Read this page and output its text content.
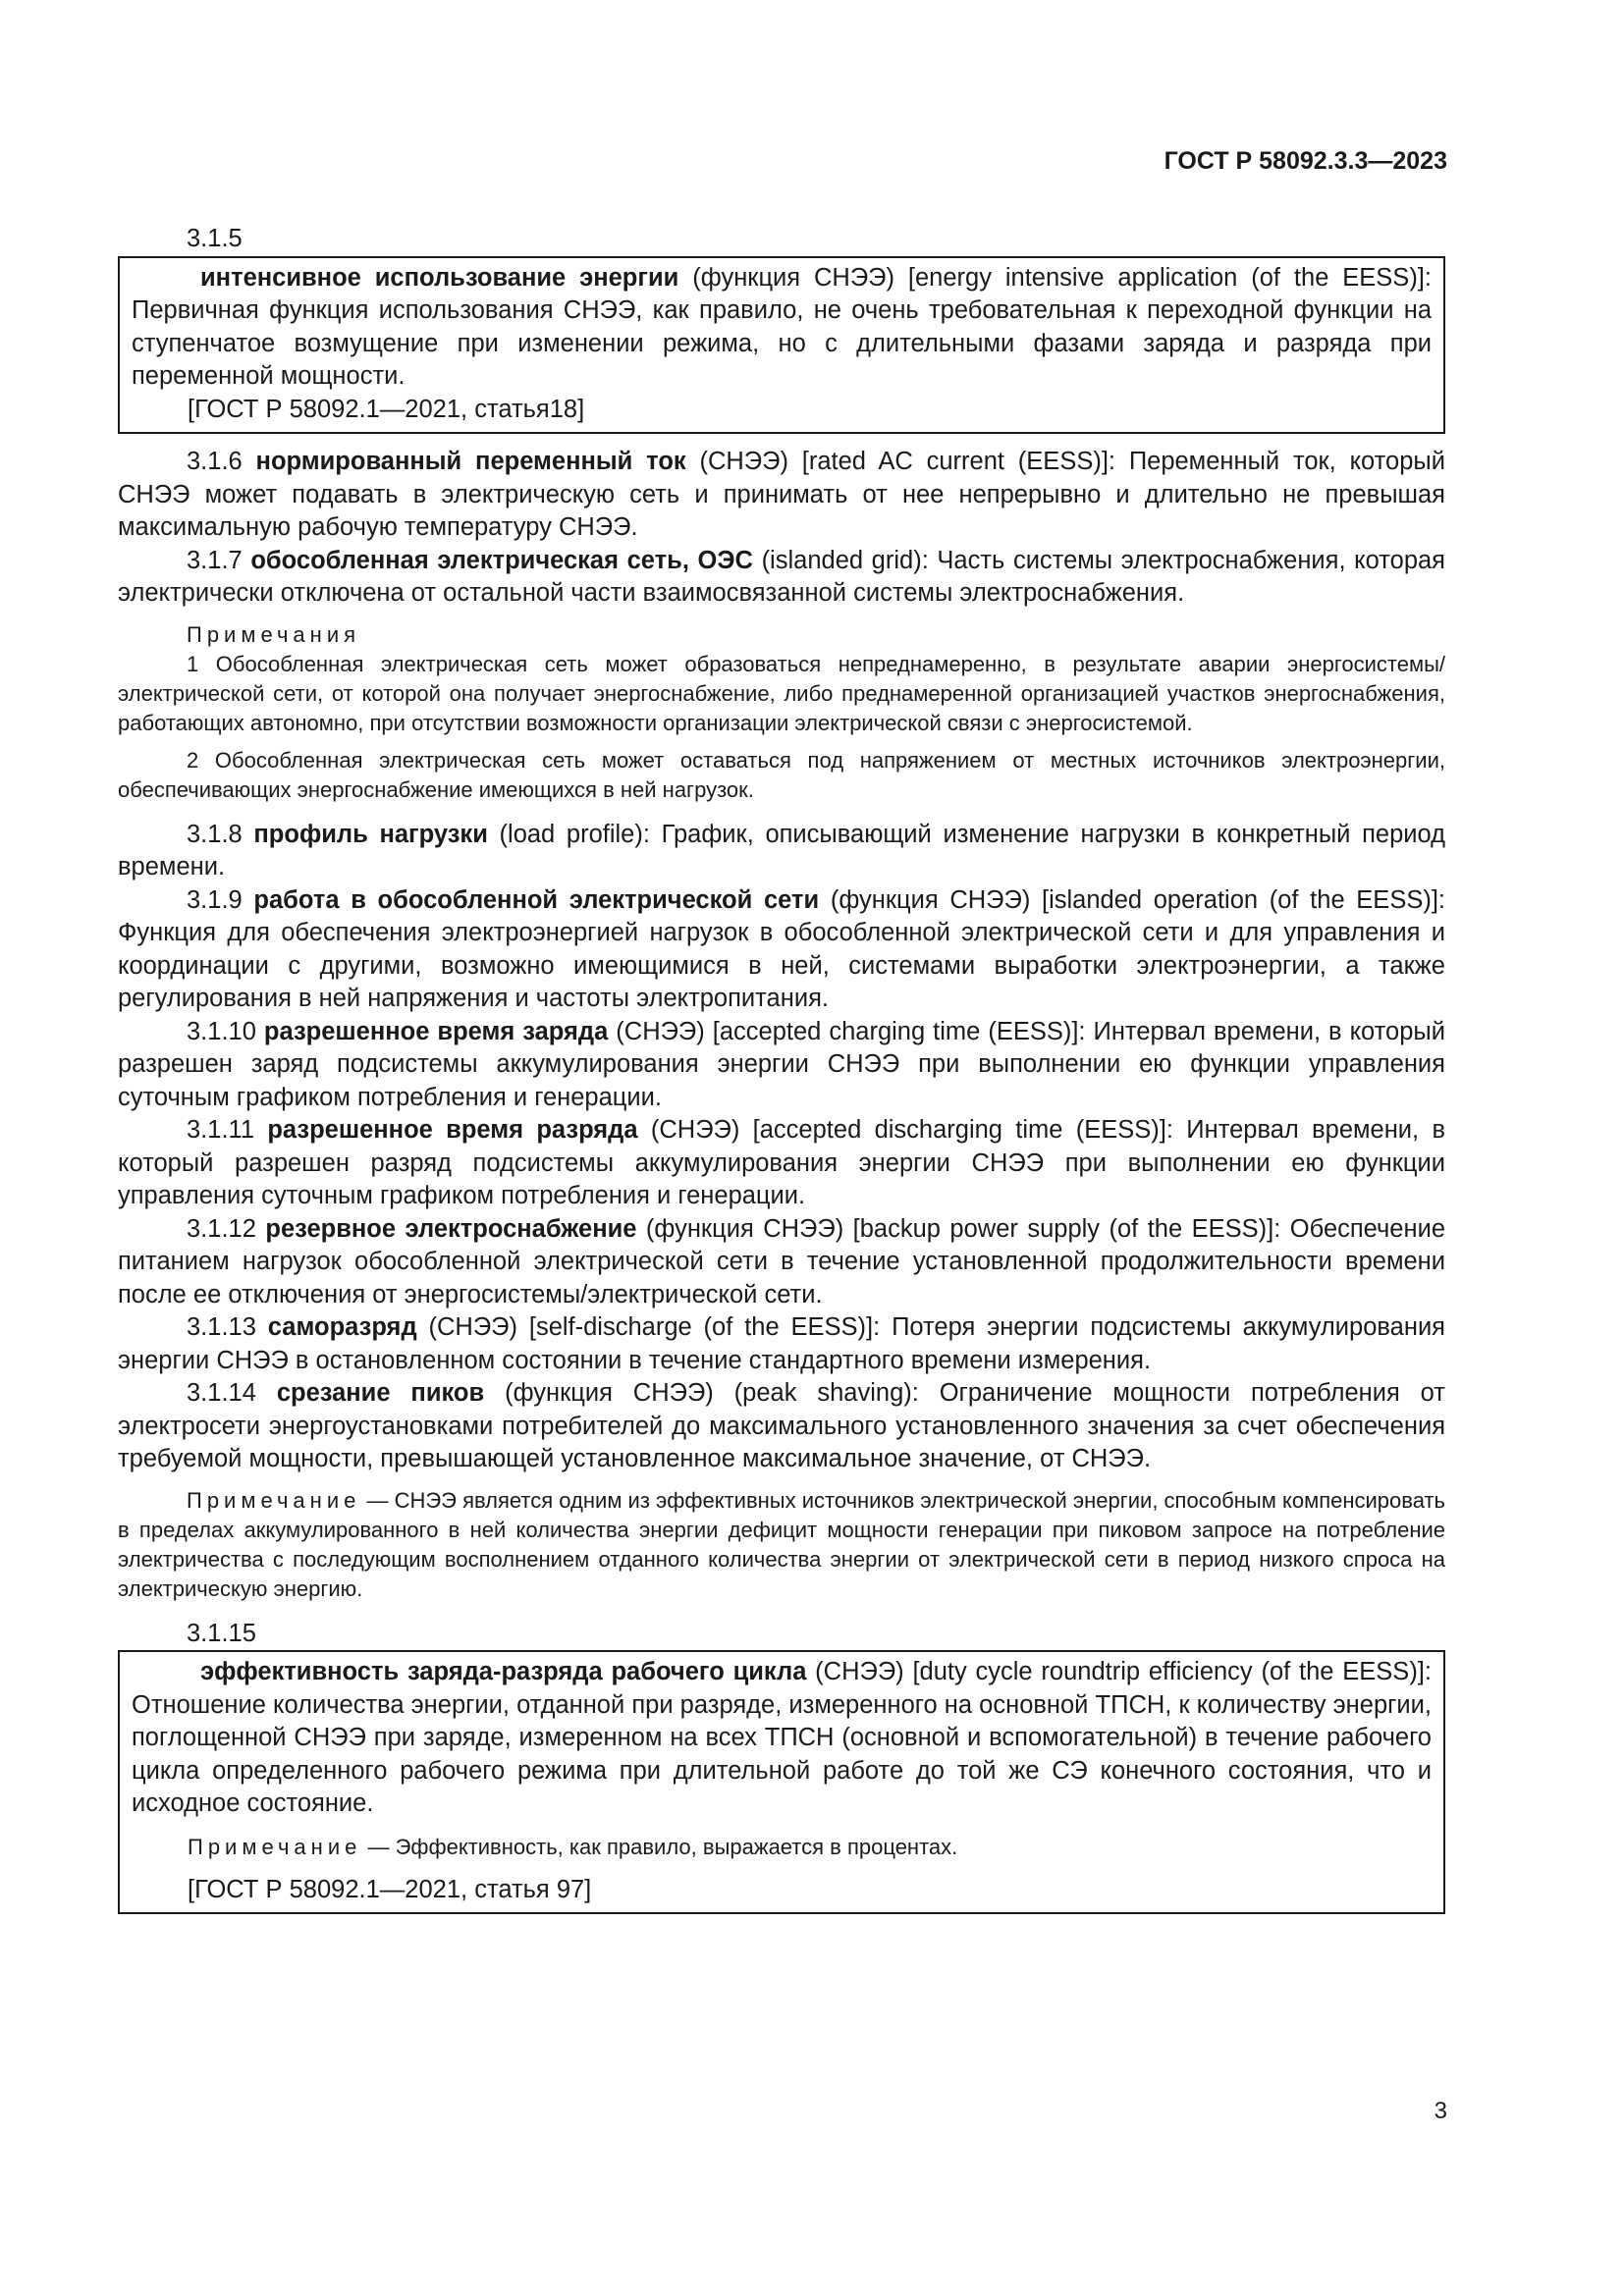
ГОСТ Р 58092.3.3—2023

3.1.5

интенсивное использование энергии (функция СНЭЭ) [energy intensive application (of the EESS)]: Первичная функция использования СНЭЭ, как правило, не очень требовательная к переходной функции на ступенчатое возмущение при изменении режима, но с длительными фазами заряда и разряда при переменной мощности.

[ГОСТ Р 58092.1—2021, статья18]

3.1.6 нормированный переменный ток (СНЭЭ) [rated AC current (EESS)]: Переменный ток, который СНЭЭ может подавать в электрическую сеть и принимать от нее непрерывно и длительно не превышая максимальную рабочую температуру СНЭЭ.

3.1.7 обособленная электрическая сеть, ОЭС (islanded grid): Часть системы электроснабжения, которая электрически отключена от остальной части взаимосвязанной системы электроснабжения.

Примечания

1 Обособленная электрическая сеть может образоваться непреднамеренно, в результате аварии энергосистемы/электрической сети, от которой она получает энергоснабжение, либо преднамеренной организацией участков энергоснабжения, работающих автономно, при отсутствии возможности организации электрической связи с энергосистемой.

2 Обособленная электрическая сеть может оставаться под напряжением от местных источников электроэнергии, обеспечивающих энергоснабжение имеющихся в ней нагрузок.

3.1.8 профиль нагрузки (load profile): График, описывающий изменение нагрузки в конкретный период времени.

3.1.9 работа в обособленной электрической сети (функция СНЭЭ) [islanded operation (of the EESS)]: Функция для обеспечения электроэнергией нагрузок в обособленной электрической сети и для управления и координации с другими, возможно имеющимися в ней, системами выработки электроэнергии, а также регулирования в ней напряжения и частоты электропитания.

3.1.10 разрешенное время заряда (СНЭЭ) [accepted charging time (EESS)]: Интервал времени, в который разрешен заряд подсистемы аккумулирования энергии СНЭЭ при выполнении ею функции управления суточным графиком потребления и генерации.

3.1.11 разрешенное время разряда (СНЭЭ) [accepted discharging time (EESS)]: Интервал времени, в который разрешен разряд подсистемы аккумулирования энергии СНЭЭ при выполнении ею функции управления суточным графиком потребления и генерации.

3.1.12 резервное электроснабжение (функция СНЭЭ) [backup power supply (of the EESS)]: Обеспечение питанием нагрузок обособленной электрической сети в течение установленной продолжительности времени после ее отключения от энергосистемы/электрической сети.

3.1.13 саморазряд (СНЭЭ) [self-discharge (of the EESS)]: Потеря энергии подсистемы аккумулирования энергии СНЭЭ в остановленном состоянии в течение стандартного времени измерения.

3.1.14 срезание пиков (функция СНЭЭ) (peak shaving): Ограничение мощности потребления от электросети энергоустановками потребителей до максимального установленного значения за счет обеспечения требуемой мощности, превышающей установленное максимальное значение, от СНЭЭ.

Примечание — СНЭЭ является одним из эффективных источников электрической энергии, способным компенсировать в пределах аккумулированного в ней количества энергии дефицит мощности генерации при пиковом запросе на потребление электричества с последующим восполнением отданного количества энергии от электрической сети в период низкого спроса на электрическую энергию.

3.1.15

эффективность заряда-разряда рабочего цикла (СНЭЭ) [duty cycle roundtrip efficiency (of the EESS)]: Отношение количества энергии, отданной при разряде, измеренного на основной ТПСН, к количеству энергии, поглощенной СНЭЭ при заряде, измеренном на всех ТПСН (основной и вспомогательной) в течение рабочего цикла определенного рабочего режима при длительной работе до той же СЭ конечного состояния, что и исходное состояние.

Примечание — Эффективность, как правило, выражается в процентах.

[ГОСТ Р 58092.1—2021, статья 97]

3
